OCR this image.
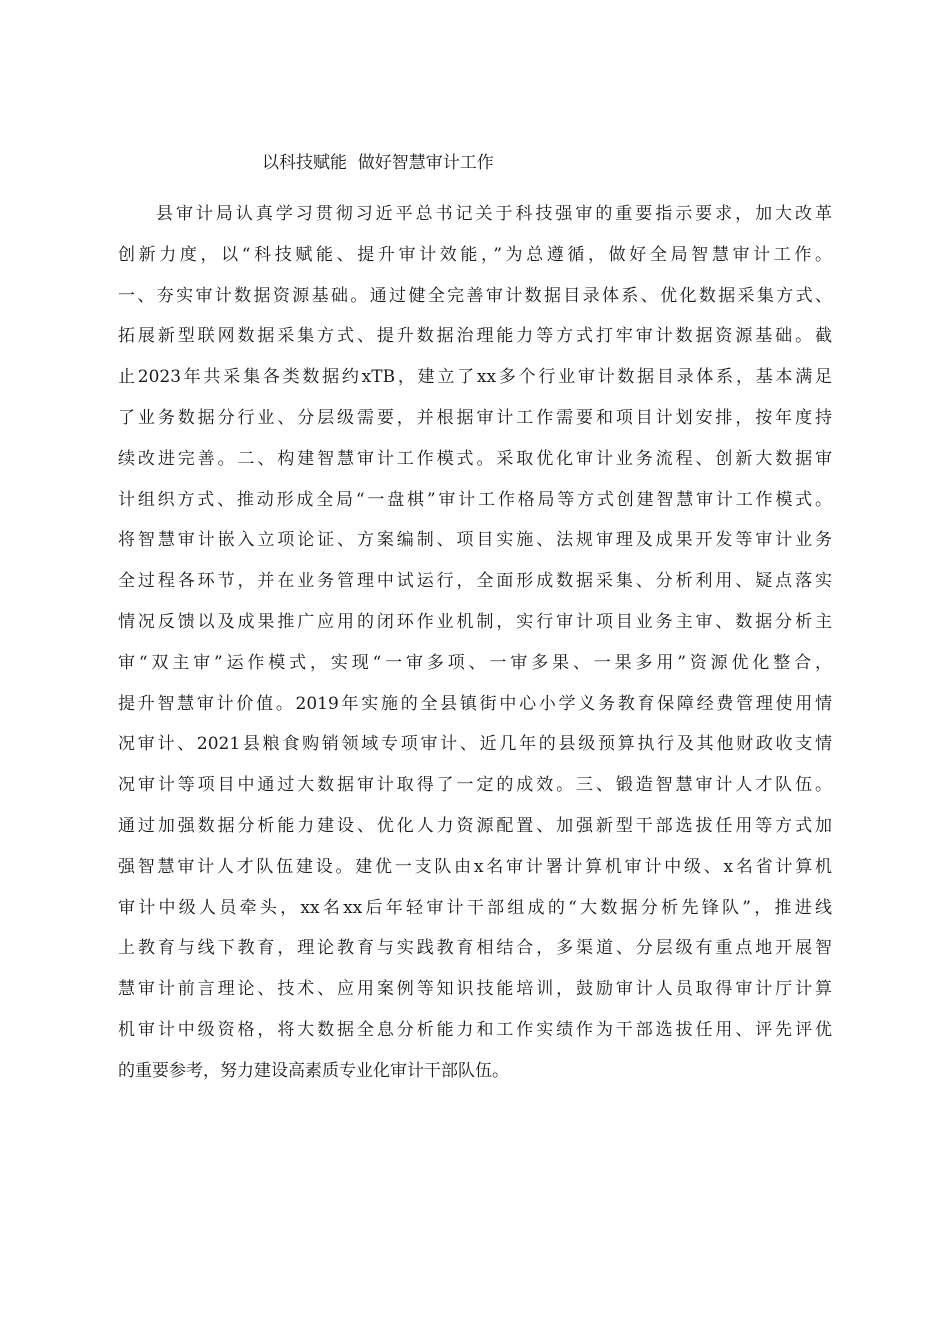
以科技赋能  做好智慧审计工作
县审计局认真学习贯彻习近平总书记关于科技强审的重要指示要求，加大改革
创新力度，以“科技赋能、提升审计效能，”为总遵循，做好全局智慧审计工作。
一、夯实审计数据资源基础。通过健全完善审计数据目录体系、优化数据采集方式、
拓展新型联网数据采集方式、提升数据治理能力等方式打牢审计数据资源基础。截
止2023年共采集各类数据约xTB，建立了xx多个行业审计数据目录体系，基本满足
了业务数据分行业、分层级需要，并根据审计工作需要和项目计划安排，按年度持
续改进完善。二、构建智慧审计工作模式。采取优化审计业务流程、创新大数据审
计组织方式、推动形成全局“一盘棋”审计工作格局等方式创建智慧审计工作模式。
将智慧审计嵌入立项论证、方案编制、项目实施、法规审理及成果开发等审计业务
全过程各环节，并在业务管理中试运行，全面形成数据采集、分析利用、疑点落实
情况反馈以及成果推广应用的闭环作业机制，实行审计项目业务主审、数据分析主
审“双主审”运作模式，实现“一审多项、一审多果、一果多用”资源优化整合，
提升智慧审计价值。2019年实施的全县镇街中心小学义务教育保障经费管理使用情
况审计、2021县粮食购销领域专项审计、近几年的县级预算执行及其他财政收支情
况审计等项目中通过大数据审计取得了一定的成效。三、锻造智慧审计人才队伍。
通过加强数据分析能力建设、优化人力资源配置、加强新型干部选拔任用等方式加
强智慧审计人才队伍建设。建优一支队由x名审计署计算机审计中级、x名省计算机
审计中级人员牵头，xx名xx后年轻审计干部组成的“大数据分析先锋队”，推进线
上教育与线下教育，理论教育与实践教育相结合，多渠道、分层级有重点地开展智
慧审计前言理论、技术、应用案例等知识技能培训，鼓励审计人员取得审计厅计算
机审计中级资格，将大数据全息分析能力和工作实绩作为干部选拔任用、评先评优
的重要参考，努力建设高素质专业化审计干部队伍。
